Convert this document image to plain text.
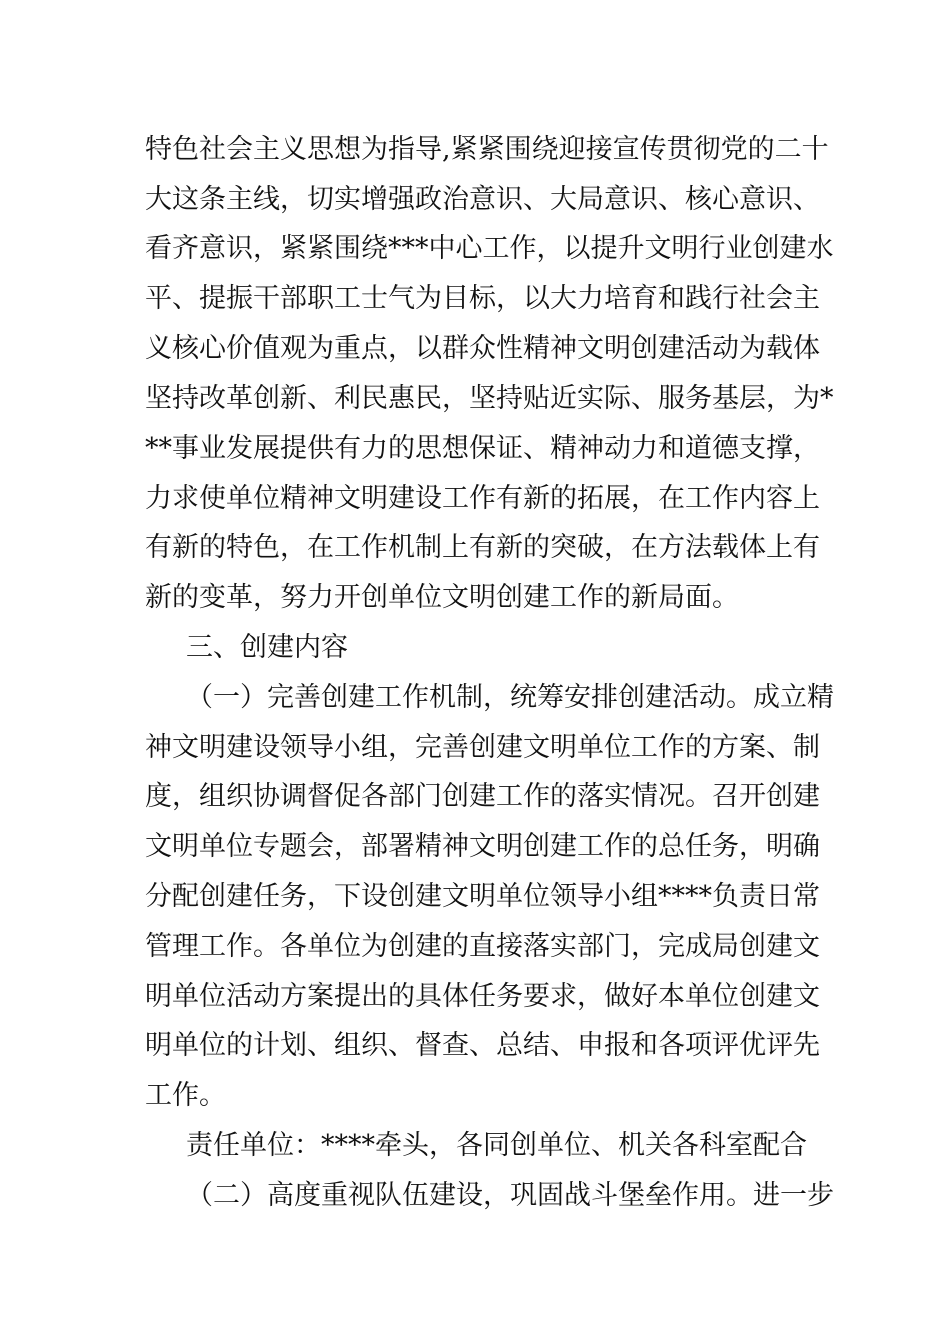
特色社会主义思想为指导,紧紧围绕迎接宣传贯彻党的二十
大这条主线，切实增强政治意识、大局意识、核心意识、
看齐意识，紧紧围绕***中心工作，以提升文明行业创建水
平、提振干部职工士气为目标，以大力培育和践行社会主
义核心价值观为重点，以群众性精神文明创建活动为载体
坚持改革创新、利民惠民，坚持贴近实际、服务基层，为*
**事业发展提供有力的思想保证、精神动力和道德支撑，
力求使单位精神文明建设工作有新的拓展，在工作内容上
有新的特色，在工作机制上有新的突破，在方法载体上有
新的变革，努力开创单位文明创建工作的新局面。
三、创建内容
（一）完善创建工作机制，统筹安排创建活动。成立精
神文明建设领导小组，完善创建文明单位工作的方案、制
度，组织协调督促各部门创建工作的落实情况。召开创建
文明单位专题会，部署精神文明创建工作的总任务，明确
分配创建任务，下设创建文明单位领导小组****负责日常
管理工作。各单位为创建的直接落实部门，完成局创建文
明单位活动方案提出的具体任务要求，做好本单位创建文
明单位的计划、组织、督查、总结、申报和各项评优评先
工作。
责任单位：****牵头，各同创单位、机关各科室配合
（二）高度重视队伍建设，巩固战斗堡垒作用。进一步
